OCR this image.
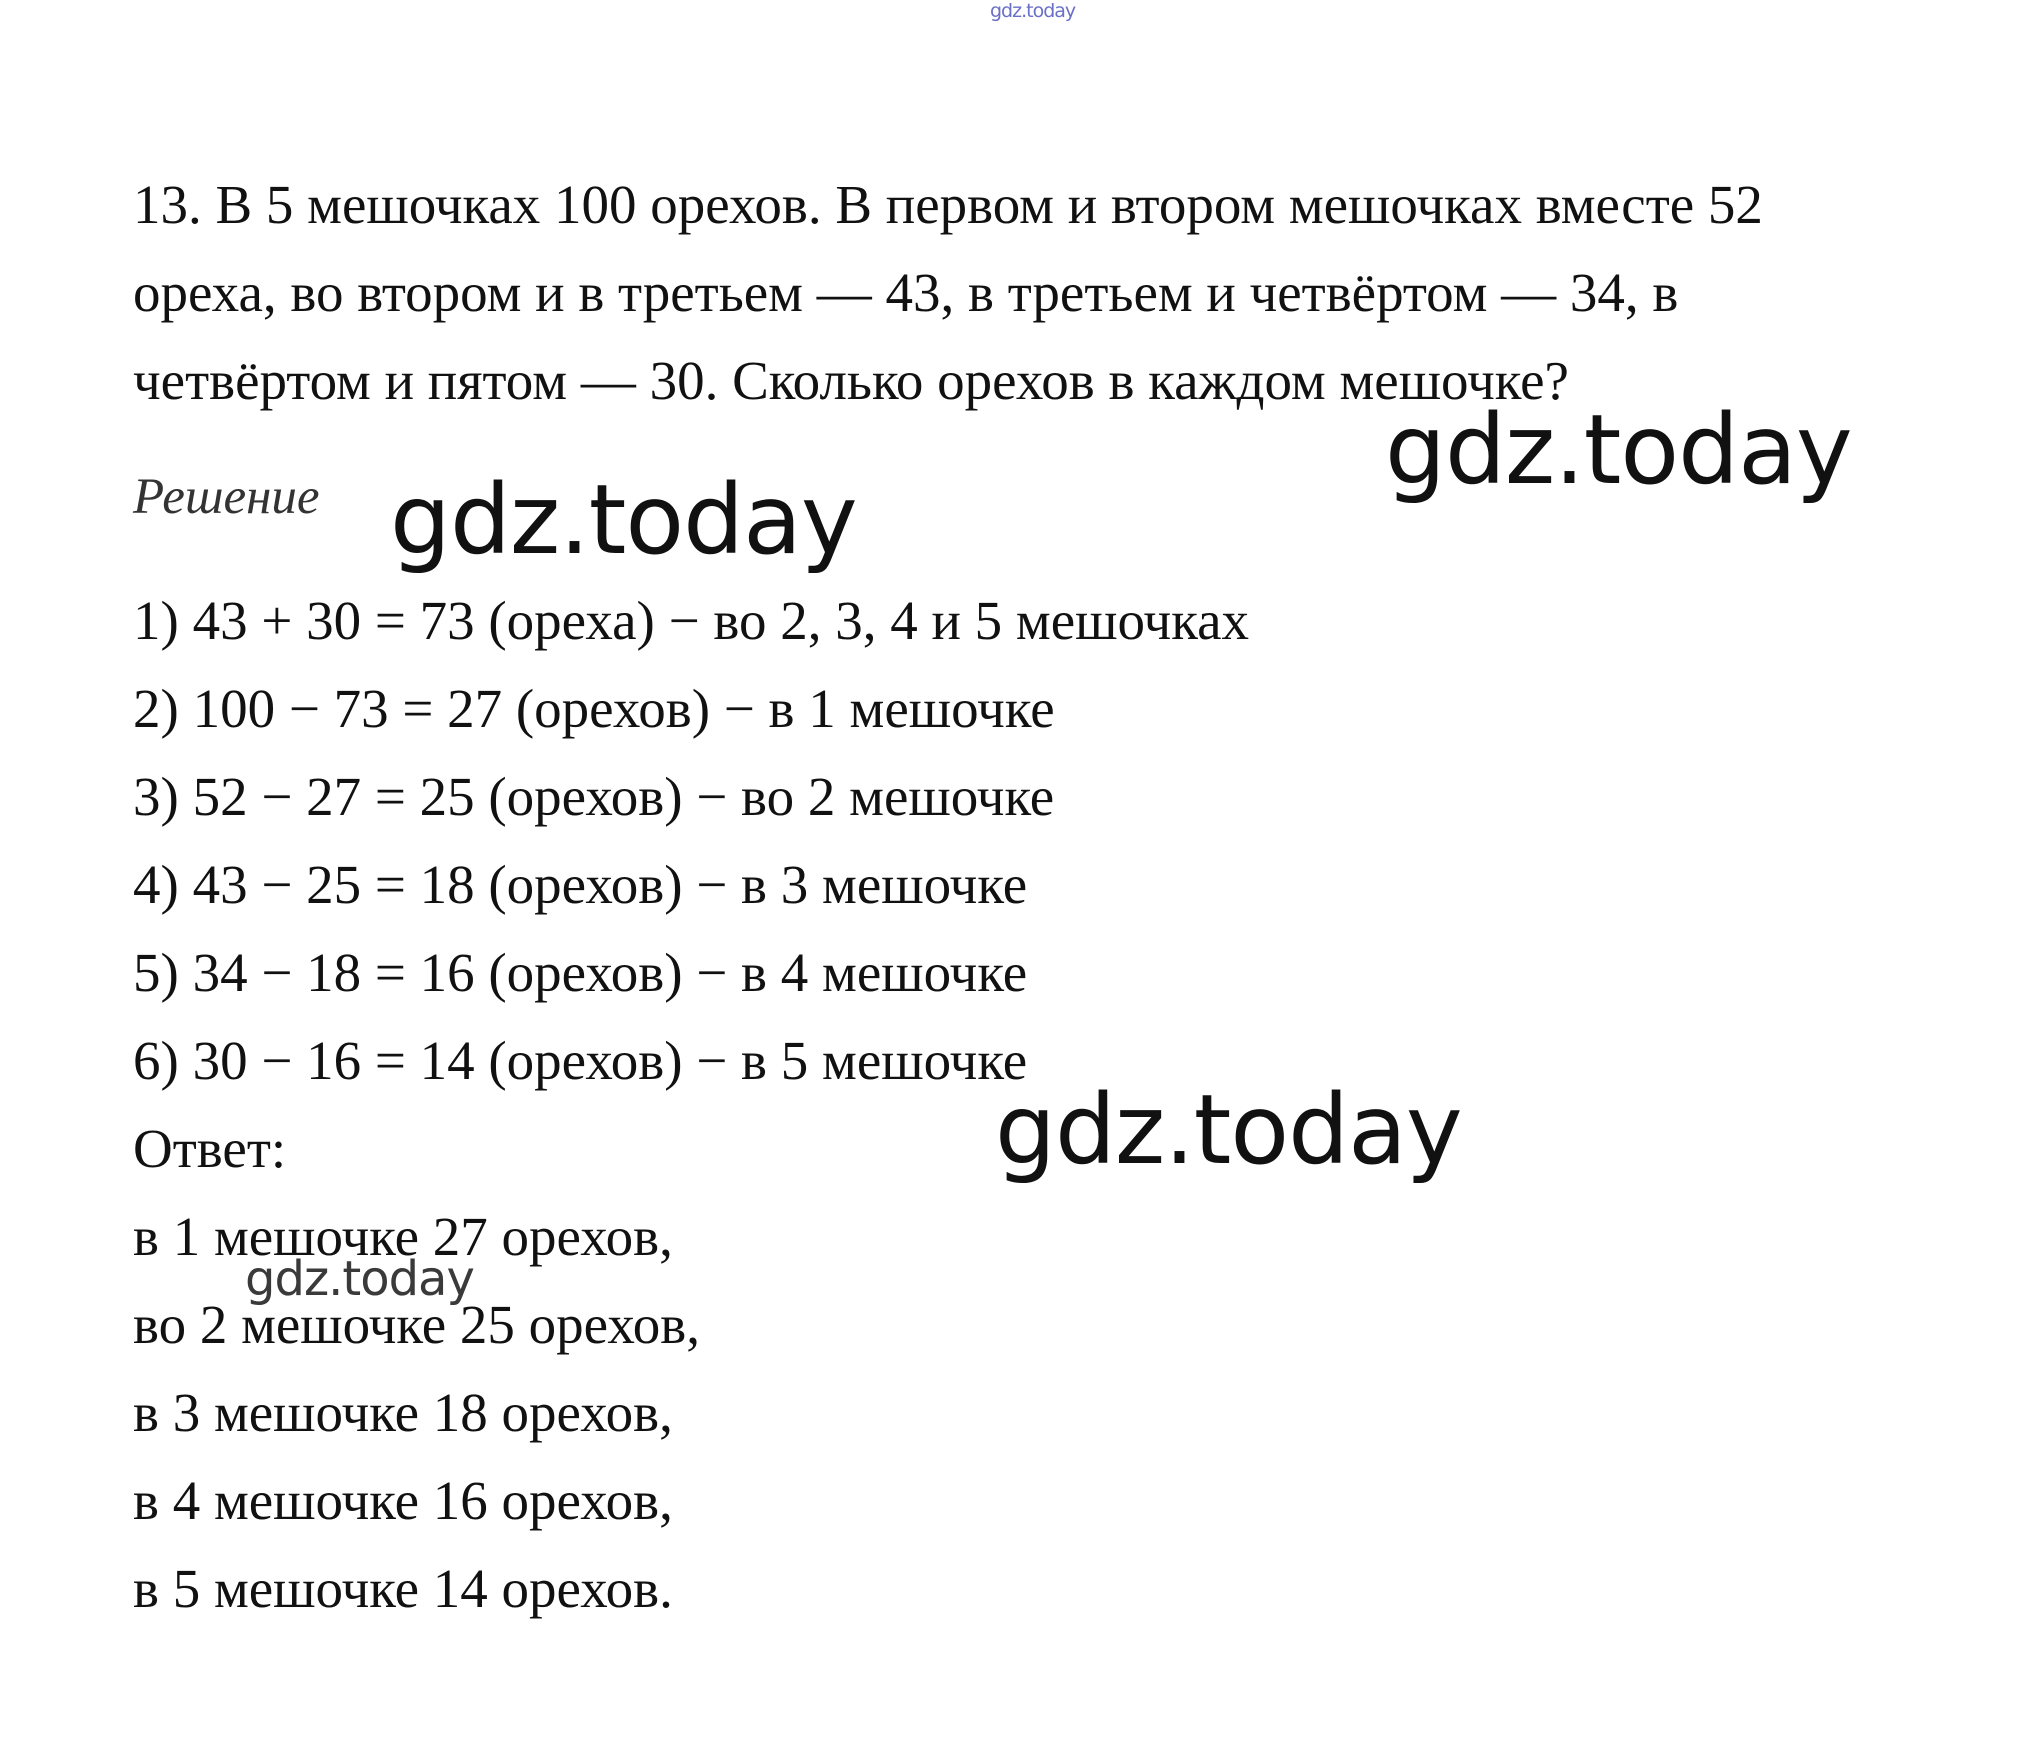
gdz.today
13. В 5 мешочках 100 орехов. В первом и втором мешочках вместе 52
ореха, во втором и в третьем — 43, в третьем и четвёртом — 34, в
четвёртом и пятом — 30. Сколько орехов в каждом мешочке?
Решение
1) 43 + 30 = 73 (ореха) − во 2, 3, 4 и 5 мешочках
2) 100 − 73 = 27 (орехов) − в 1 мешочке
3) 52 − 27 = 25 (орехов) − во 2 мешочке
4) 43 − 25 = 18 (орехов) − в 3 мешочке
5) 34 − 18 = 16 (орехов) − в 4 мешочке
6) 30 − 16 = 14 (орехов) − в 5 мешочке
Ответ:
в 1 мешочке 27 орехов,
во 2 мешочке 25 орехов,
в 3 мешочке 18 орехов,
в 4 мешочке 16 орехов,
в 5 мешочке 14 орехов.
gdz.today
gdz.today
gdz.today
gdz.today
